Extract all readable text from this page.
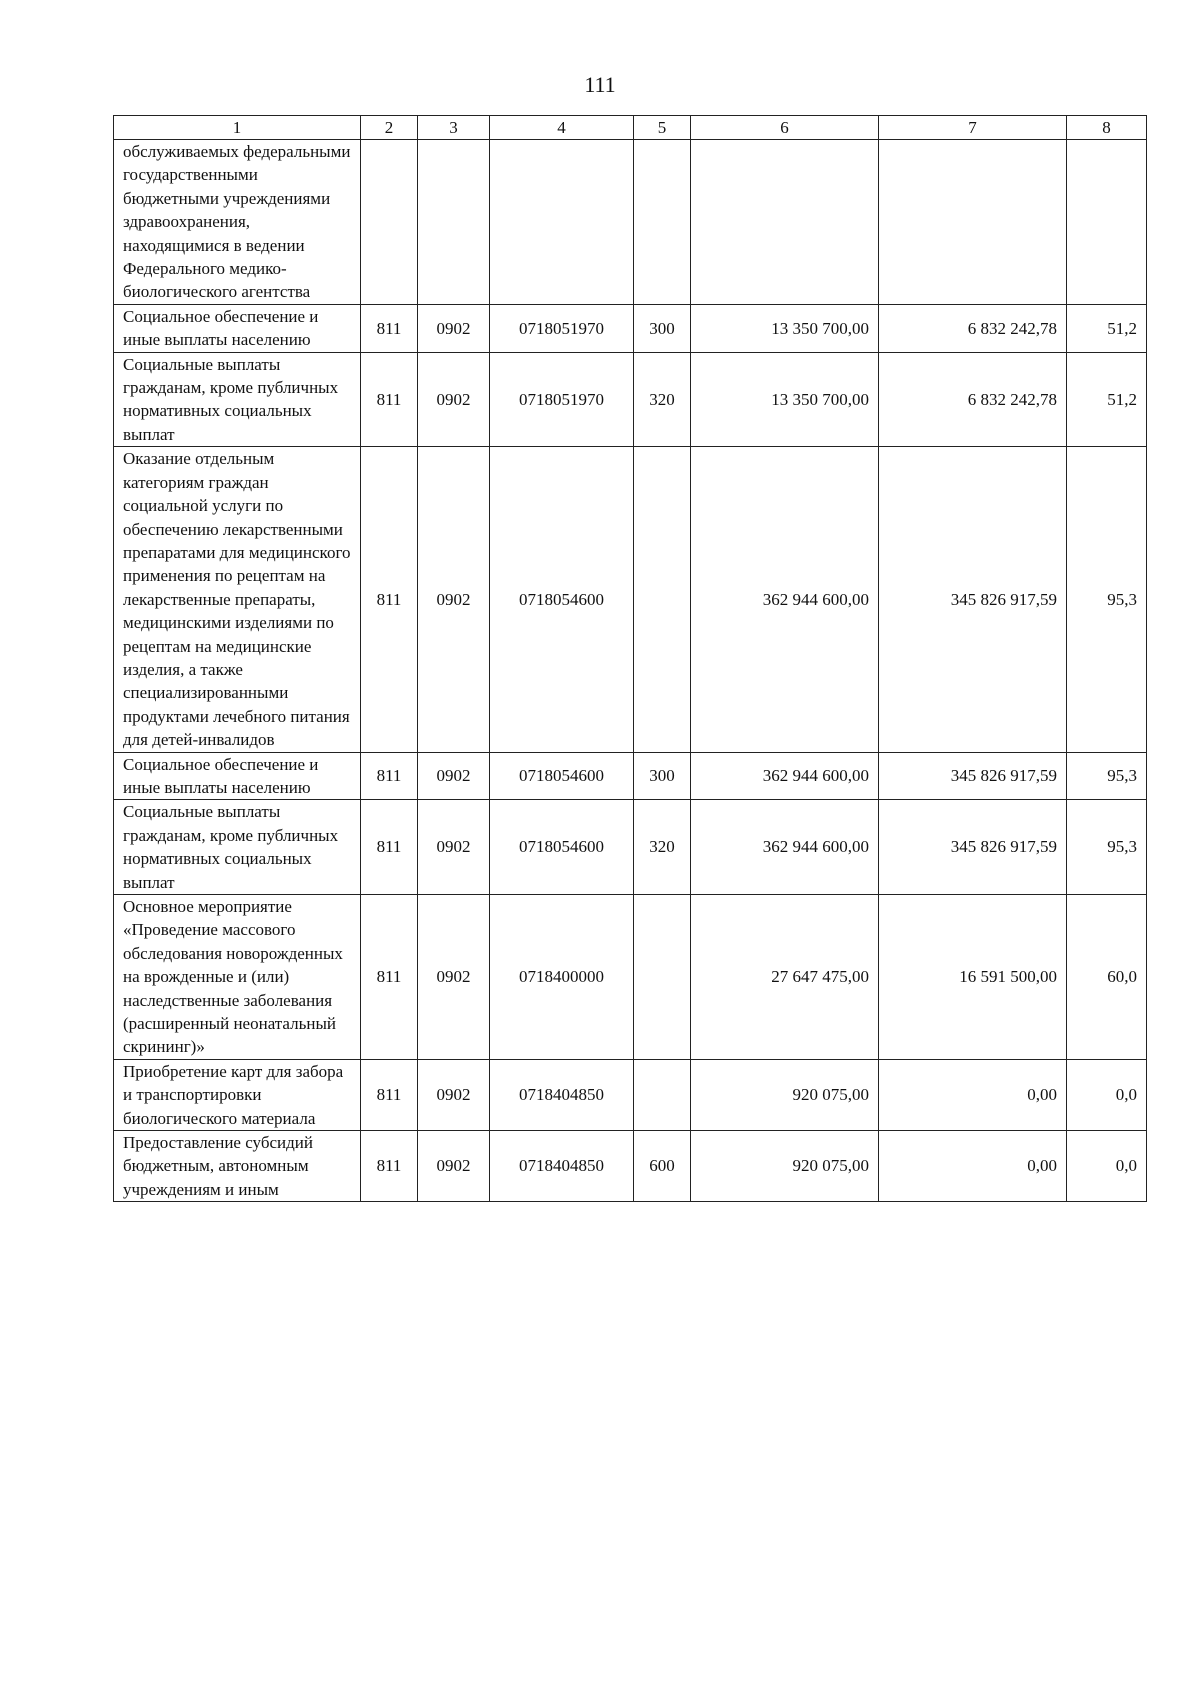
111
1	2	3	4	5	6	7	8
обслуживаемых федеральными государственными бюджетными учреждениями здравоохранения, находящимися в ведении Федерального медико-биологического агентства							
Социальное обеспечение и иные выплаты населению	811	0902	0718051970	300	13 350 700,00	6 832 242,78	51,2
Социальные выплаты гражданам, кроме публичных нормативных социальных выплат	811	0902	0718051970	320	13 350 700,00	6 832 242,78	51,2
Оказание отдельным категориям граждан социальной услуги по обеспечению лекарственными препаратами для медицинского применения по рецептам на лекарственные препараты, медицинскими изделиями по рецептам на медицинские изделия, а также специализированными продуктами лечебного питания для детей-инвалидов	811	0902	0718054600		362 944 600,00	345 826 917,59	95,3
Социальное обеспечение и иные выплаты населению	811	0902	0718054600	300	362 944 600,00	345 826 917,59	95,3
Социальные выплаты гражданам, кроме публичных нормативных социальных выплат	811	0902	0718054600	320	362 944 600,00	345 826 917,59	95,3
Основное мероприятие «Проведение массового обследования новорожденных на врожденные и (или) наследственные заболевания (расширенный неонатальный скрининг)»	811	0902	0718400000		27 647 475,00	16 591 500,00	60,0
Приобретение карт для забора и транспортировки биологического материала	811	0902	0718404850		920 075,00	0,00	0,0
Предоставление субсидий бюджетным, автономным учреждениям и иным	811	0902	0718404850	600	920 075,00	0,00	0,0
